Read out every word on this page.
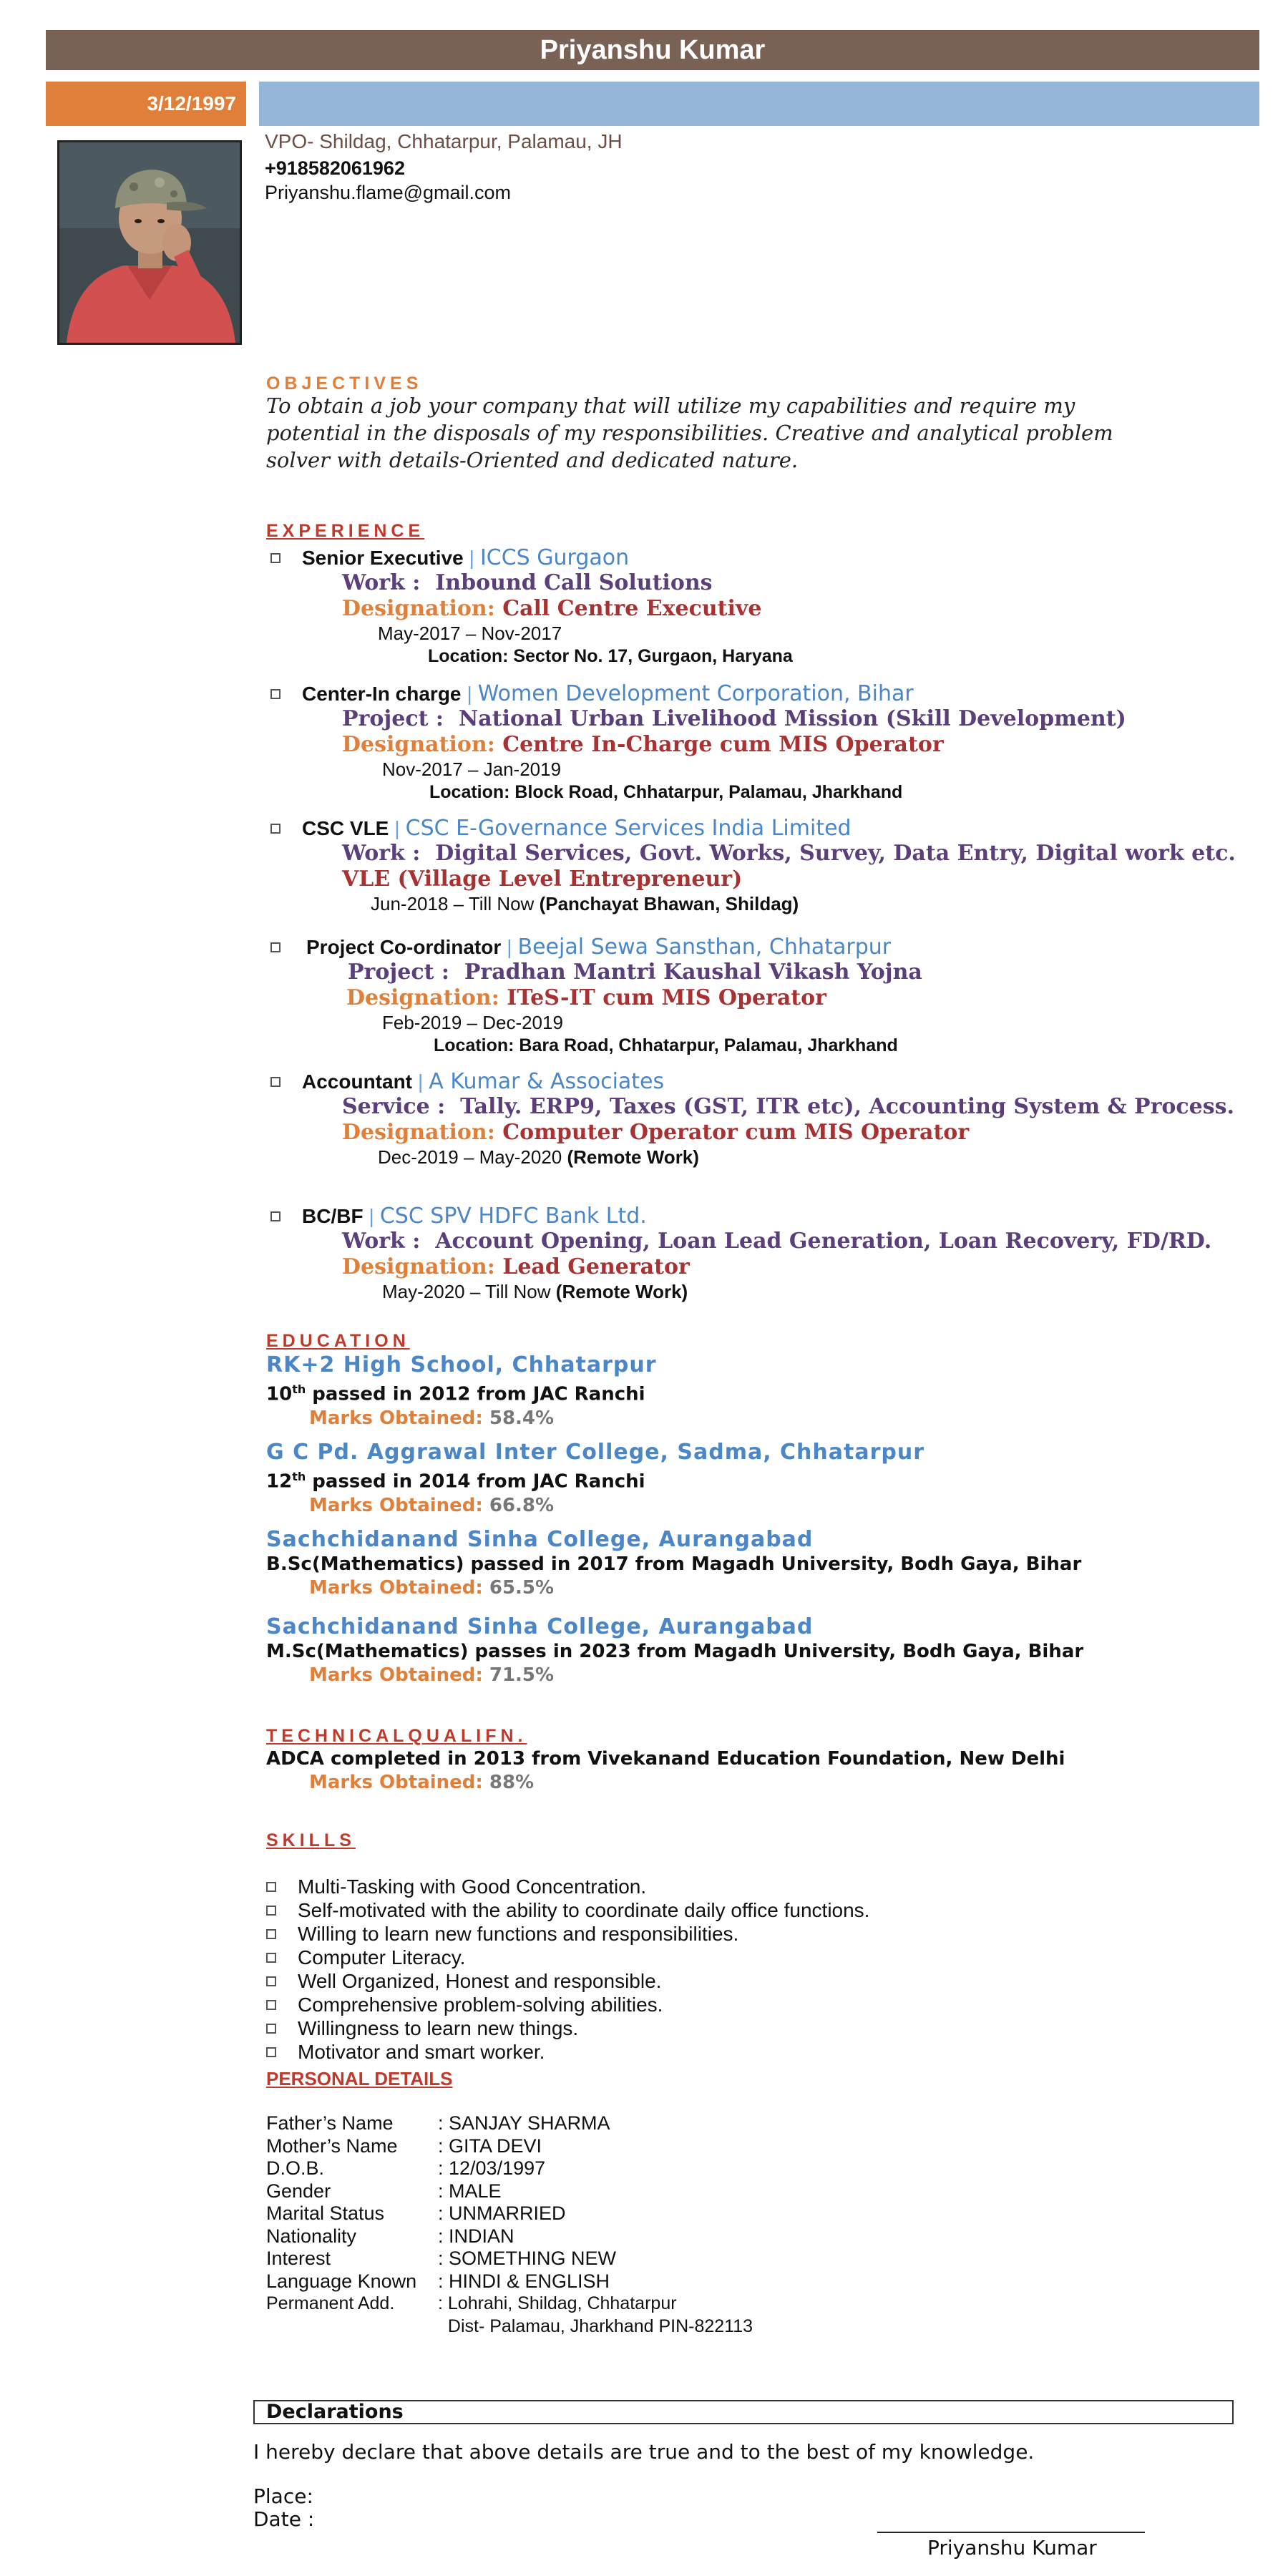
Priyanshu Kumar
3/12/1997

VPO- Shildag, Chhatarpur, Palamau, JH

+918582061962

Priyanshu.flame@gmail.com

OBJECTIVES
To obtain a job your company that will utilize my capabilities and require my
potential in the disposals of my responsibilities. Creative and analytical problem
solver with details-Oriented and dedicated nature.
EXPERIENCE
Senior Executive | ICCS Gurgaon
Work : Inbound Call Solutions
Designation: Call Centre Executive
May-2017 – Nov-2017
Location: Sector No. 17, Gurgaon, Haryana
Center-In charge | Women Development Corporation, Bihar
Project : National Urban Livelihood Mission (Skill Development)
Designation: Centre In-Charge cum MIS Operator
Nov-2017 – Jan-2019
Location: Block Road, Chhatarpur, Palamau, Jharkhand
CSC VLE | CSC E-Governance Services India Limited
Work : Digital Services, Govt. Works, Survey, Data Entry, Digital work etc.
VLE (Village Level Entrepreneur)
Jun-2018 – Till Now (Panchayat Bhawan, Shildag)
Project Co-ordinator | Beejal Sewa Sansthan, Chhatarpur
Project : Pradhan Mantri Kaushal Vikash Yojna
Designation: ITeS-IT cum MIS Operator
Feb-2019 – Dec-2019
Location: Bara Road, Chhatarpur, Palamau, Jharkhand
Accountant | A Kumar & Associates
Service : Tally. ERP9, Taxes (GST, ITR etc), Accounting System & Process.
Designation: Computer Operator cum MIS Operator
Dec-2019 – May-2020 (Remote Work)
BC/BF | CSC SPV HDFC Bank Ltd.
Work : Account Opening, Loan Lead Generation, Loan Recovery, FD/RD.
Designation: Lead Generator
May-2020 – Till Now (Remote Work)
EDUCATION
RK+2 High School, Chhatarpur
10th passed in 2012 from JAC Ranchi
Marks Obtained: 58.4%
G C Pd. Aggrawal Inter College, Sadma, Chhatarpur
12th passed in 2014 from JAC Ranchi
Marks Obtained: 66.8%
Sachchidanand Sinha College, Aurangabad
B.Sc(Mathematics) passed in 2017 from Magadh University, Bodh Gaya, Bihar
Marks Obtained: 65.5%
Sachchidanand Sinha College, Aurangabad
M.Sc(Mathematics) passes in 2023 from Magadh University, Bodh Gaya, Bihar
Marks Obtained: 71.5%
TECHNICALQUALIFN.
ADCA completed in 2013 from Vivekanand Education Foundation, New Delhi
Marks Obtained: 88%
SKILLS
Multi-Tasking with Good Concentration.
Self-motivated with the ability to coordinate daily office functions.
Willing to learn new functions and responsibilities.
Computer Literacy.
Well Organized, Honest and responsible.
Comprehensive problem-solving abilities.
Willingness to learn new things.
Motivator and smart worker.
PERSONAL DETAILS
Father’s Name	: SANJAY SHARMA
Mother’s Name	: GITA DEVI
D.O.B.	: 12/03/1997
Gender	: MALE
Marital Status	: UNMARRIED
Nationality	: INDIAN
Interest	: SOMETHING NEW
Language Known	: HINDI & ENGLISH
Permanent Add.	: Lohrahi, Shildag, Chhatarpur
Dist- Palamau, Jharkhand PIN-822113
Declarations
I hereby declare that above details are true and to the best of my knowledge.
Place:
Date :
Priyanshu Kumar
